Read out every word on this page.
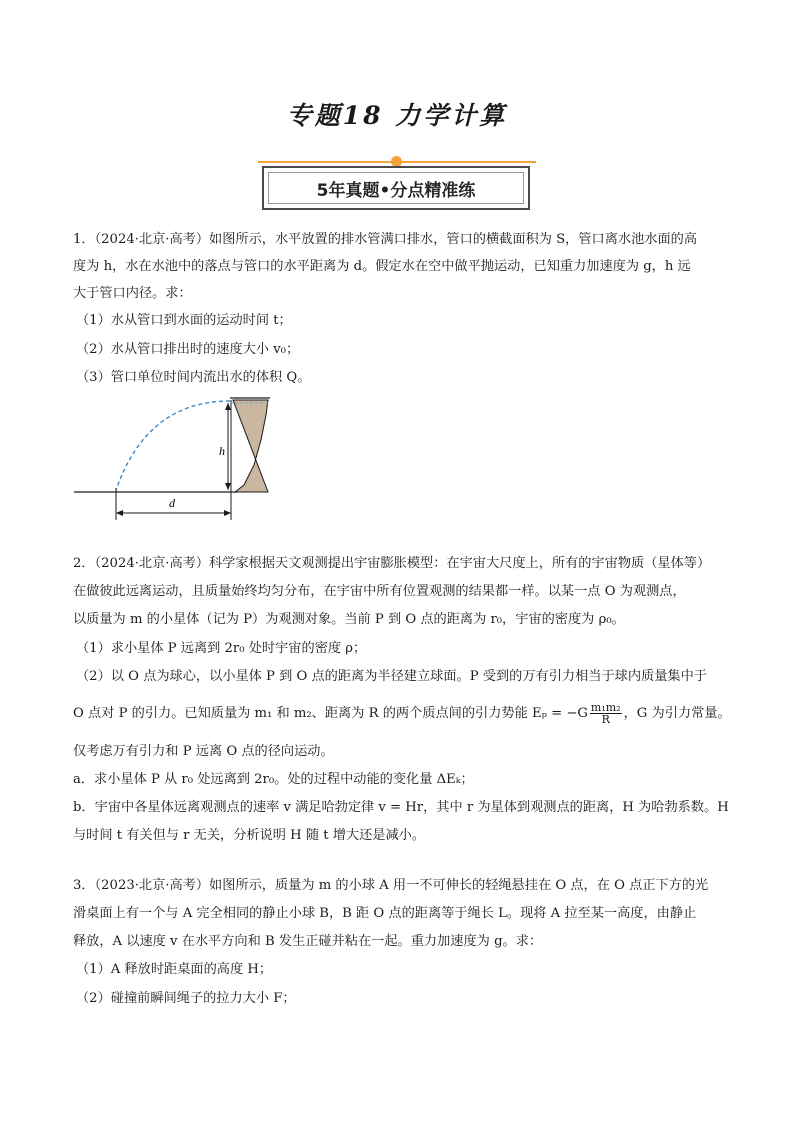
专题18 力学计算
5年真题•分点精准练
1．（2024·北京·高考）如图所示，水平放置的排水管满口排水，管口的横截面积为 S，管口离水池水面的高
度为 h，水在水池中的落点与管口的水平距离为 d。假定水在空中做平抛运动，已知重力加速度为 g，h 远
大于管口内径。求：
（1）水从管口到水面的运动时间 t；
（2）水从管口排出时的速度大小 v₀；
（3）管口单位时间内流出水的体积 Q。
h
d
2．（2024·北京·高考）科学家根据天文观测提出宇宙膨胀模型：在宇宙大尺度上，所有的宇宙物质（星体等）
在做彼此远离运动，且质量始终均匀分布，在宇宙中所有位置观测的结果都一样。以某一点 O 为观测点，
以质量为 m 的小星体（记为 P）为观测对象。当前 P 到 O 点的距离为 r₀，宇宙的密度为 ρ₀。
（1）求小星体 P 远离到 2r₀ 处时宇宙的密度 ρ；
（2）以 O 点为球心，以小星体 P 到 O 点的距离为半径建立球面。P 受到的万有引力相当于球内质量集中于
O 点对 P 的引力。已知质量为 m₁ 和 m₂、距离为 R 的两个质点间的引力势能 $E_p = -G \frac{\text{m₁m₂}}{R}$ ，G 为引力常量。
仅考虑万有引力和 P 远离 O 点的径向运动。
a．求小星体 P 从 r₀ 处远离到 2r₀。处的过程中动能的变化量 ΔEₖ；
b．宇宙中各星体远离观测点的速率 v 满足哈勃定律 v = Hr，其中 r 为星体到观测点的距离，H 为哈勃系数。H
与时间 t 有关但与 r 无关，分析说明 H 随 t 增大还是减小。
3．（2023·北京·高考）如图所示，质量为 m 的小球 A 用一不可伸长的轻绳悬挂在 O 点，在 O 点正下方的光
滑桌面上有一个与 A 完全相同的静止小球 B，B 距 O 点的距离等于绳长 L。现将 A 拉至某一高度，由静止
释放，A 以速度 v 在水平方向和 B 发生正碰并粘在一起。重力加速度为 g。求：
（1）A 释放时距桌面的高度 H；
（2）碰撞前瞬间绳子的拉力大小 F；
